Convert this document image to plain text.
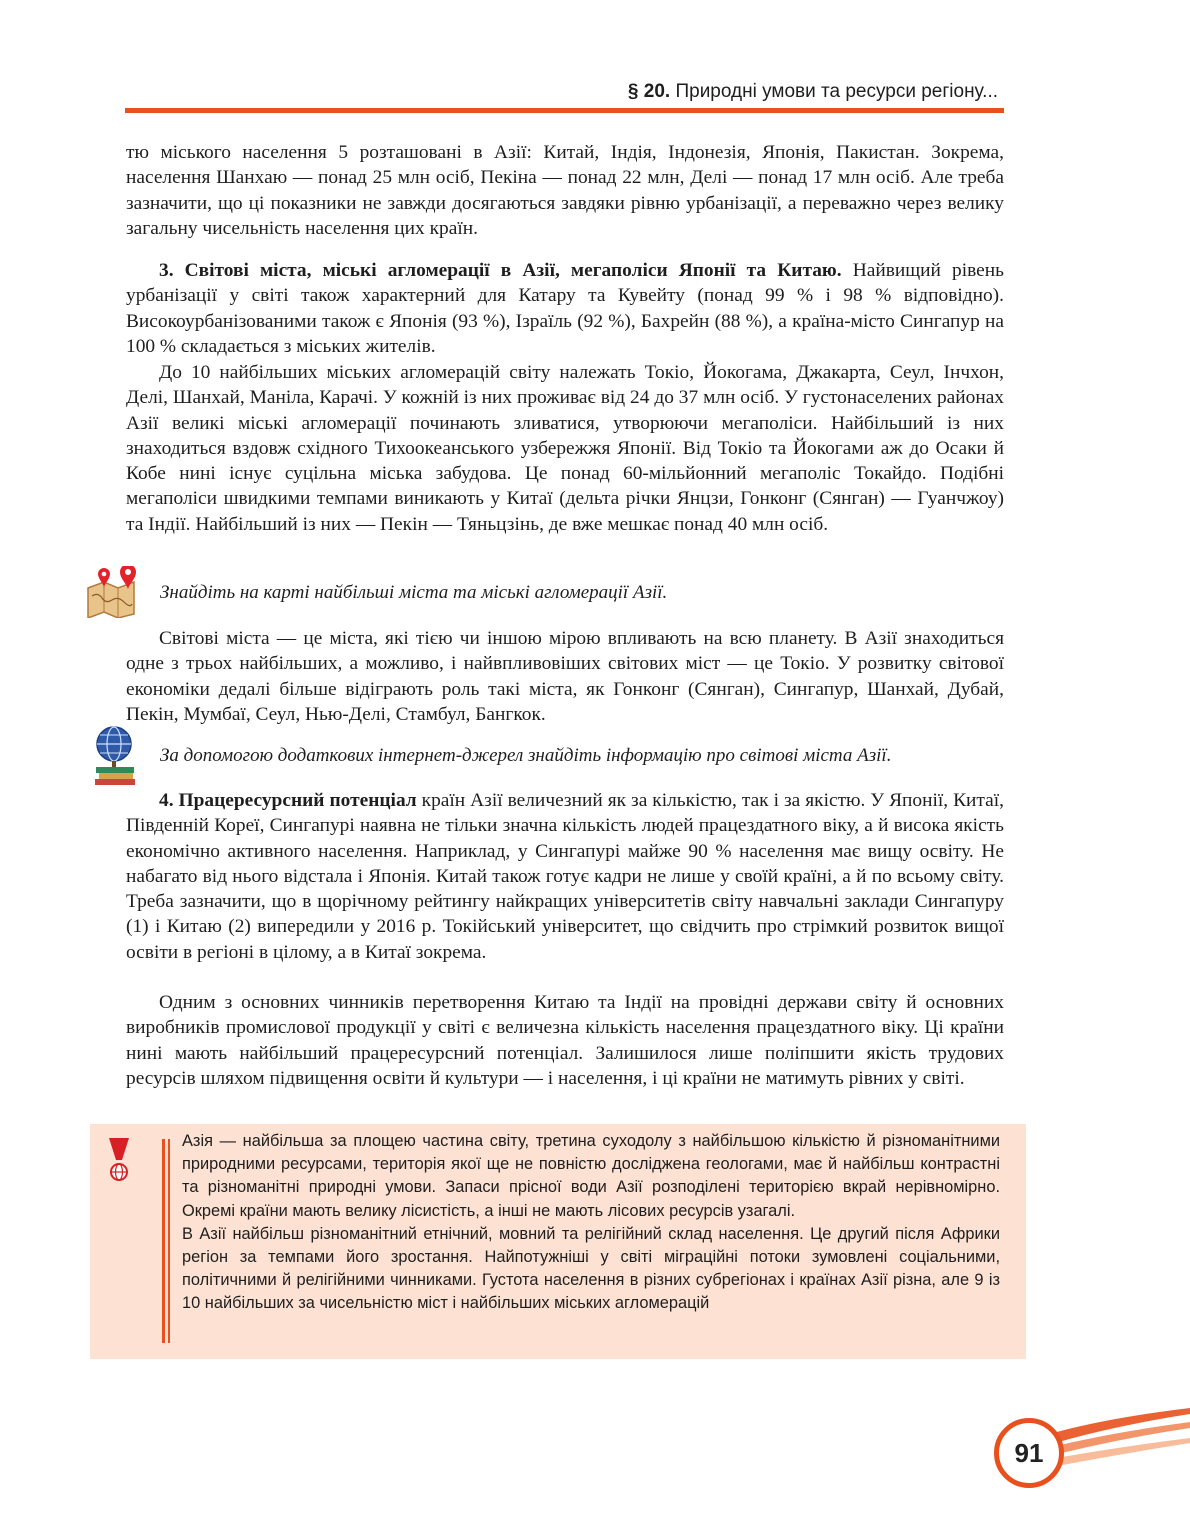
§ 20. Природні умови та ресурси регіону...
тю міського населення 5 розташовані в Азії: Китай, Індія, Індонезія, Японія, Пакистан. Зокрема, населення Шанхаю — понад 25 млн осіб, Пекіна — понад 22 млн, Делі — понад 17 млн осіб. Але треба зазначити, що ці показники не завжди досягаються завдяки рівню урбанізації, а переважно через велику загальну чисельність населення цих країн.
3. Світові міста, міські агломерації в Азії, мегаполіси Японії та Китаю. Найвищий рівень урбанізації у світі також характерний для Катару та Кувейту (понад 99 % і 98 % відповідно). Високоурбанізованими також є Японія (93 %), Ізраїль (92 %), Бахрейн (88 %), а країна-місто Сингапур на 100 % складається з міських жителів.
До 10 найбільших міських агломерацій світу належать Токіо, Йокогама, Джакарта, Сеул, Інчхон, Делі, Шанхай, Маніла, Карачі. У кожній із них проживає від 24 до 37 млн осіб. У густонаселених районах Азії великі міські агломерації починають зливатися, утворюючи мегаполіси. Найбільший із них знаходиться вздовж східного Тихоокеанського узбережжя Японії. Від Токіо та Йокогами аж до Осаки й Кобе нині існує суцільна міська забудова. Це понад 60-мільйонний мегаполіс Токайдо. Подібні мегаполіси швидкими темпами виникають у Китаї (дельта річки Янцзи, Гонконг (Сянган) — Гуанчжоу) та Індії. Найбільший із них — Пекін — Тяньцзінь, де вже мешкає понад 40 млн осіб.
Знайдіть на карті найбільші міста та міські агломерації Азії.
Світові міста — це міста, які тією чи іншою мірою впливають на всю планету. В Азії знаходиться одне з трьох найбільших, а можливо, і найвпливовіших світових міст — це Токіо. У розвитку світової економіки дедалі більше відіграють роль такі міста, як Гонконг (Сянган), Сингапур, Шанхай, Дубай, Пекін, Мумбаї, Сеул, Нью-Делі, Стамбул, Бангкок.
За допомогою додаткових інтернет-джерел знайдіть інформацію про світові міста Азії.
4. Працересурсний потенціал країн Азії величезний як за кількістю, так і за якістю. У Японії, Китаї, Південній Кореї, Сингапурі наявна не тільки значна кількість людей працездатного віку, а й висока якість економічно активного населення. Наприклад, у Сингапурі майже 90 % населення має вищу освіту. Не набагато від нього відстала і Японія. Китай також готує кадри не лише у своїй країні, а й по всьому світу. Треба зазначити, що в щорічному рейтингу найкращих університетів світу навчальні заклади Сингапуру (1) і Китаю (2) випередили у 2016 р. Токійський університет, що свідчить про стрімкий розвиток вищої освіти в регіоні в цілому, а в Китаї зокрема.
Одним з основних чинників перетворення Китаю та Індії на провідні держави світу й основних виробників промислової продукції у світі є величезна кількість населення працездатного віку. Ці країни нині мають найбільший працересурсний потенціал. Залишилося лише поліпшити якість трудових ресурсів шляхом підвищення освіти й культури — і населення, і ці країни не матимуть рівних у світі.

Азія — найбільша за площею частина світу, третина суходолу з найбільшою кількістю й різноманітними природними ресурсами, територія якої ще не повністю досліджена геологами, має й найбільш контрастні та різноманітні природні умови. Запаси прісної води Азії розподілені територією вкрай нерівномірно. Окремі країни мають велику лісистість, а інші не мають лісових ресурсів узагалі.

В Азії найбільш різноманітний етнічний, мовний та релігійний склад населення. Це другий після Африки регіон за темпами його зростання. Найпотужніші у світі міграційні потоки зумовлені соціальними, політичними й релігійними чинниками. Густота населення в різних субрегіонах і країнах Азії різна, але 9 із 10 найбільших за чисельністю міст і найбільших міських агломерацій

91
